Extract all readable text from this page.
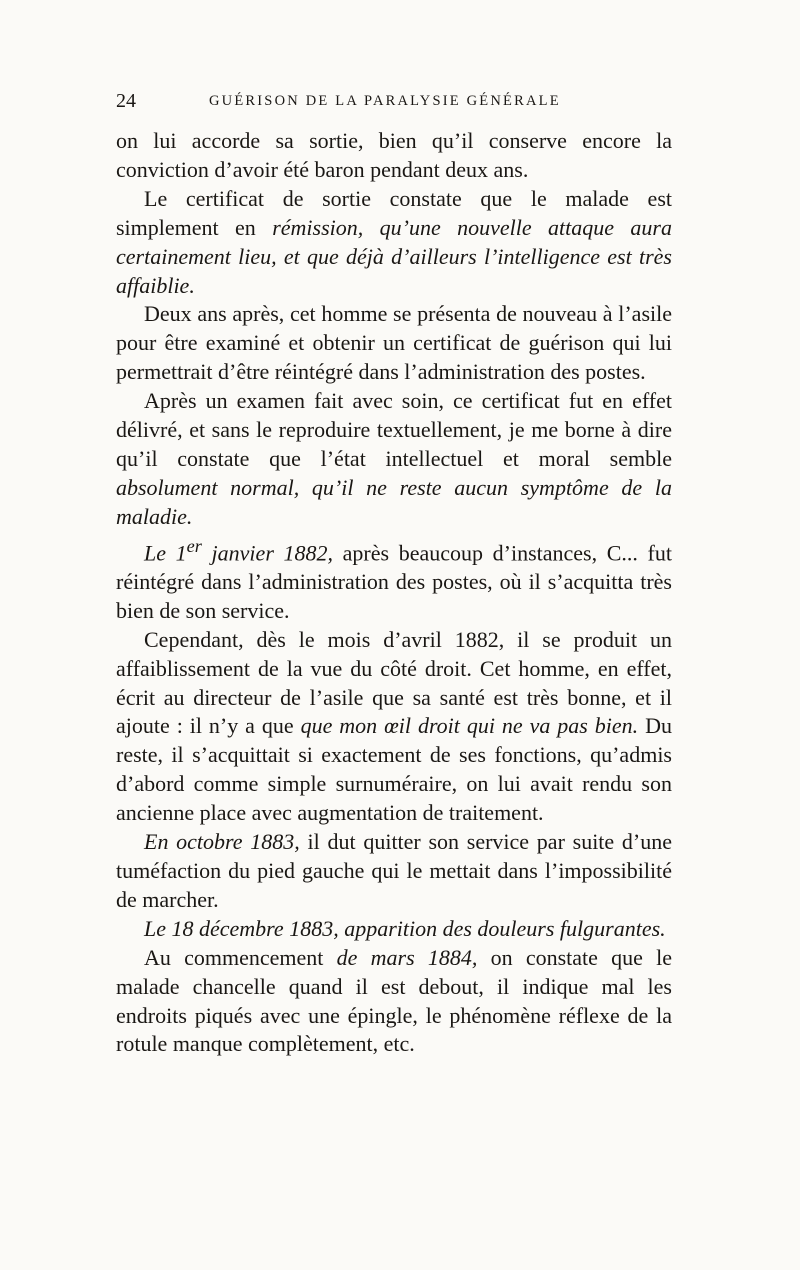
24	GUÉRISON DE LA PARALYSIE GÉNÉRALE

on lui accorde sa sortie, bien qu’il conserve encore la conviction d’avoir été baron pendant deux ans.

Le certificat de sortie constate que le malade est simplement en rémission, qu’une nouvelle attaque aura certainement lieu, et que déjà d’ailleurs l’intelligence est très affaiblie.

Deux ans après, cet homme se présenta de nouveau à l’asile pour être examiné et obtenir un certificat de guérison qui lui permettrait d’être réintégré dans l’administration des postes.

Après un examen fait avec soin, ce certificat fut en effet délivré, et sans le reproduire textuellement, je me borne à dire qu’il constate que l’état intellectuel et moral semble absolument normal, qu’il ne reste aucun symptôme de la maladie.

Le 1er janvier 1882, après beaucoup d’instances, C... fut réintégré dans l’administration des postes, où il s’acquitta très bien de son service.

Cependant, dès le mois d’avril 1882, il se produit un affaiblissement de la vue du côté droit. Cet homme, en effet, écrit au directeur de l’asile que sa santé est très bonne, et il ajoute : il n’y a que que mon œil droit qui ne va pas bien. Du reste, il s’acquittait si exactement de ses fonctions, qu’admis d’abord comme simple surnuméraire, on lui avait rendu son ancienne place avec augmentation de traitement.

En octobre 1883, il dut quitter son service par suite d’une tuméfaction du pied gauche qui le mettait dans l’impossibilité de marcher.

Le 18 décembre 1883, apparition des douleurs fulgurantes.

Au commencement de mars 1884, on constate que le malade chancelle quand il est debout, il indique mal les endroits piqués avec une épingle, le phénomène réflexe de la rotule manque complètement, etc.
